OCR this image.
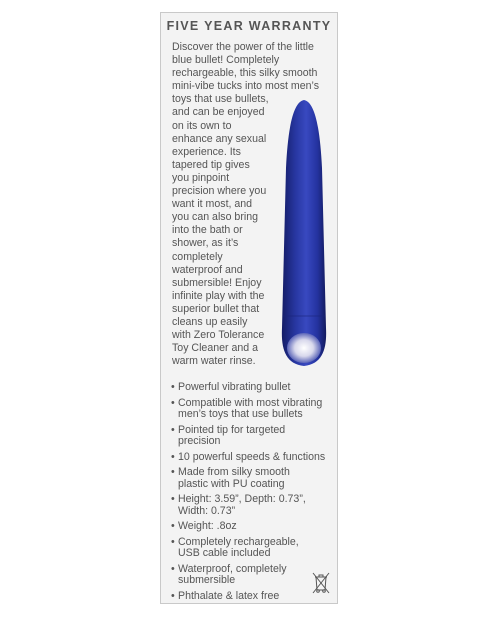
FIVE YEAR WARRANTY
Discover the power of the little
blue bullet! Completely
rechargeable, this silky smooth
mini-vibe tucks into most men’s
toys that use bullets,
and can be enjoyed
on its own to
enhance any sexual
experience. Its
tapered tip gives
you pinpoint
precision where you
want it most, and
you can also bring
into the bath or
shower, as it’s
completely
waterproof and
submersible! Enjoy
infinite play with the
superior bullet that
cleans up easily
with Zero Tolerance
Toy Cleaner and a
warm water rinse.
• Powerful vibrating bullet
• Compatible with most vibrating
men’s toys that use bullets
• Pointed tip for targeted
precision
• 10 powerful speeds & functions
• Made from silky smooth
plastic with PU coating
• Height: 3.59”, Depth: 0.73”,
Width: 0.73”
• Weight: .8oz
• Completely rechargeable,
USB cable included
• Waterproof, completely
submersible
• Phthalate & latex free
